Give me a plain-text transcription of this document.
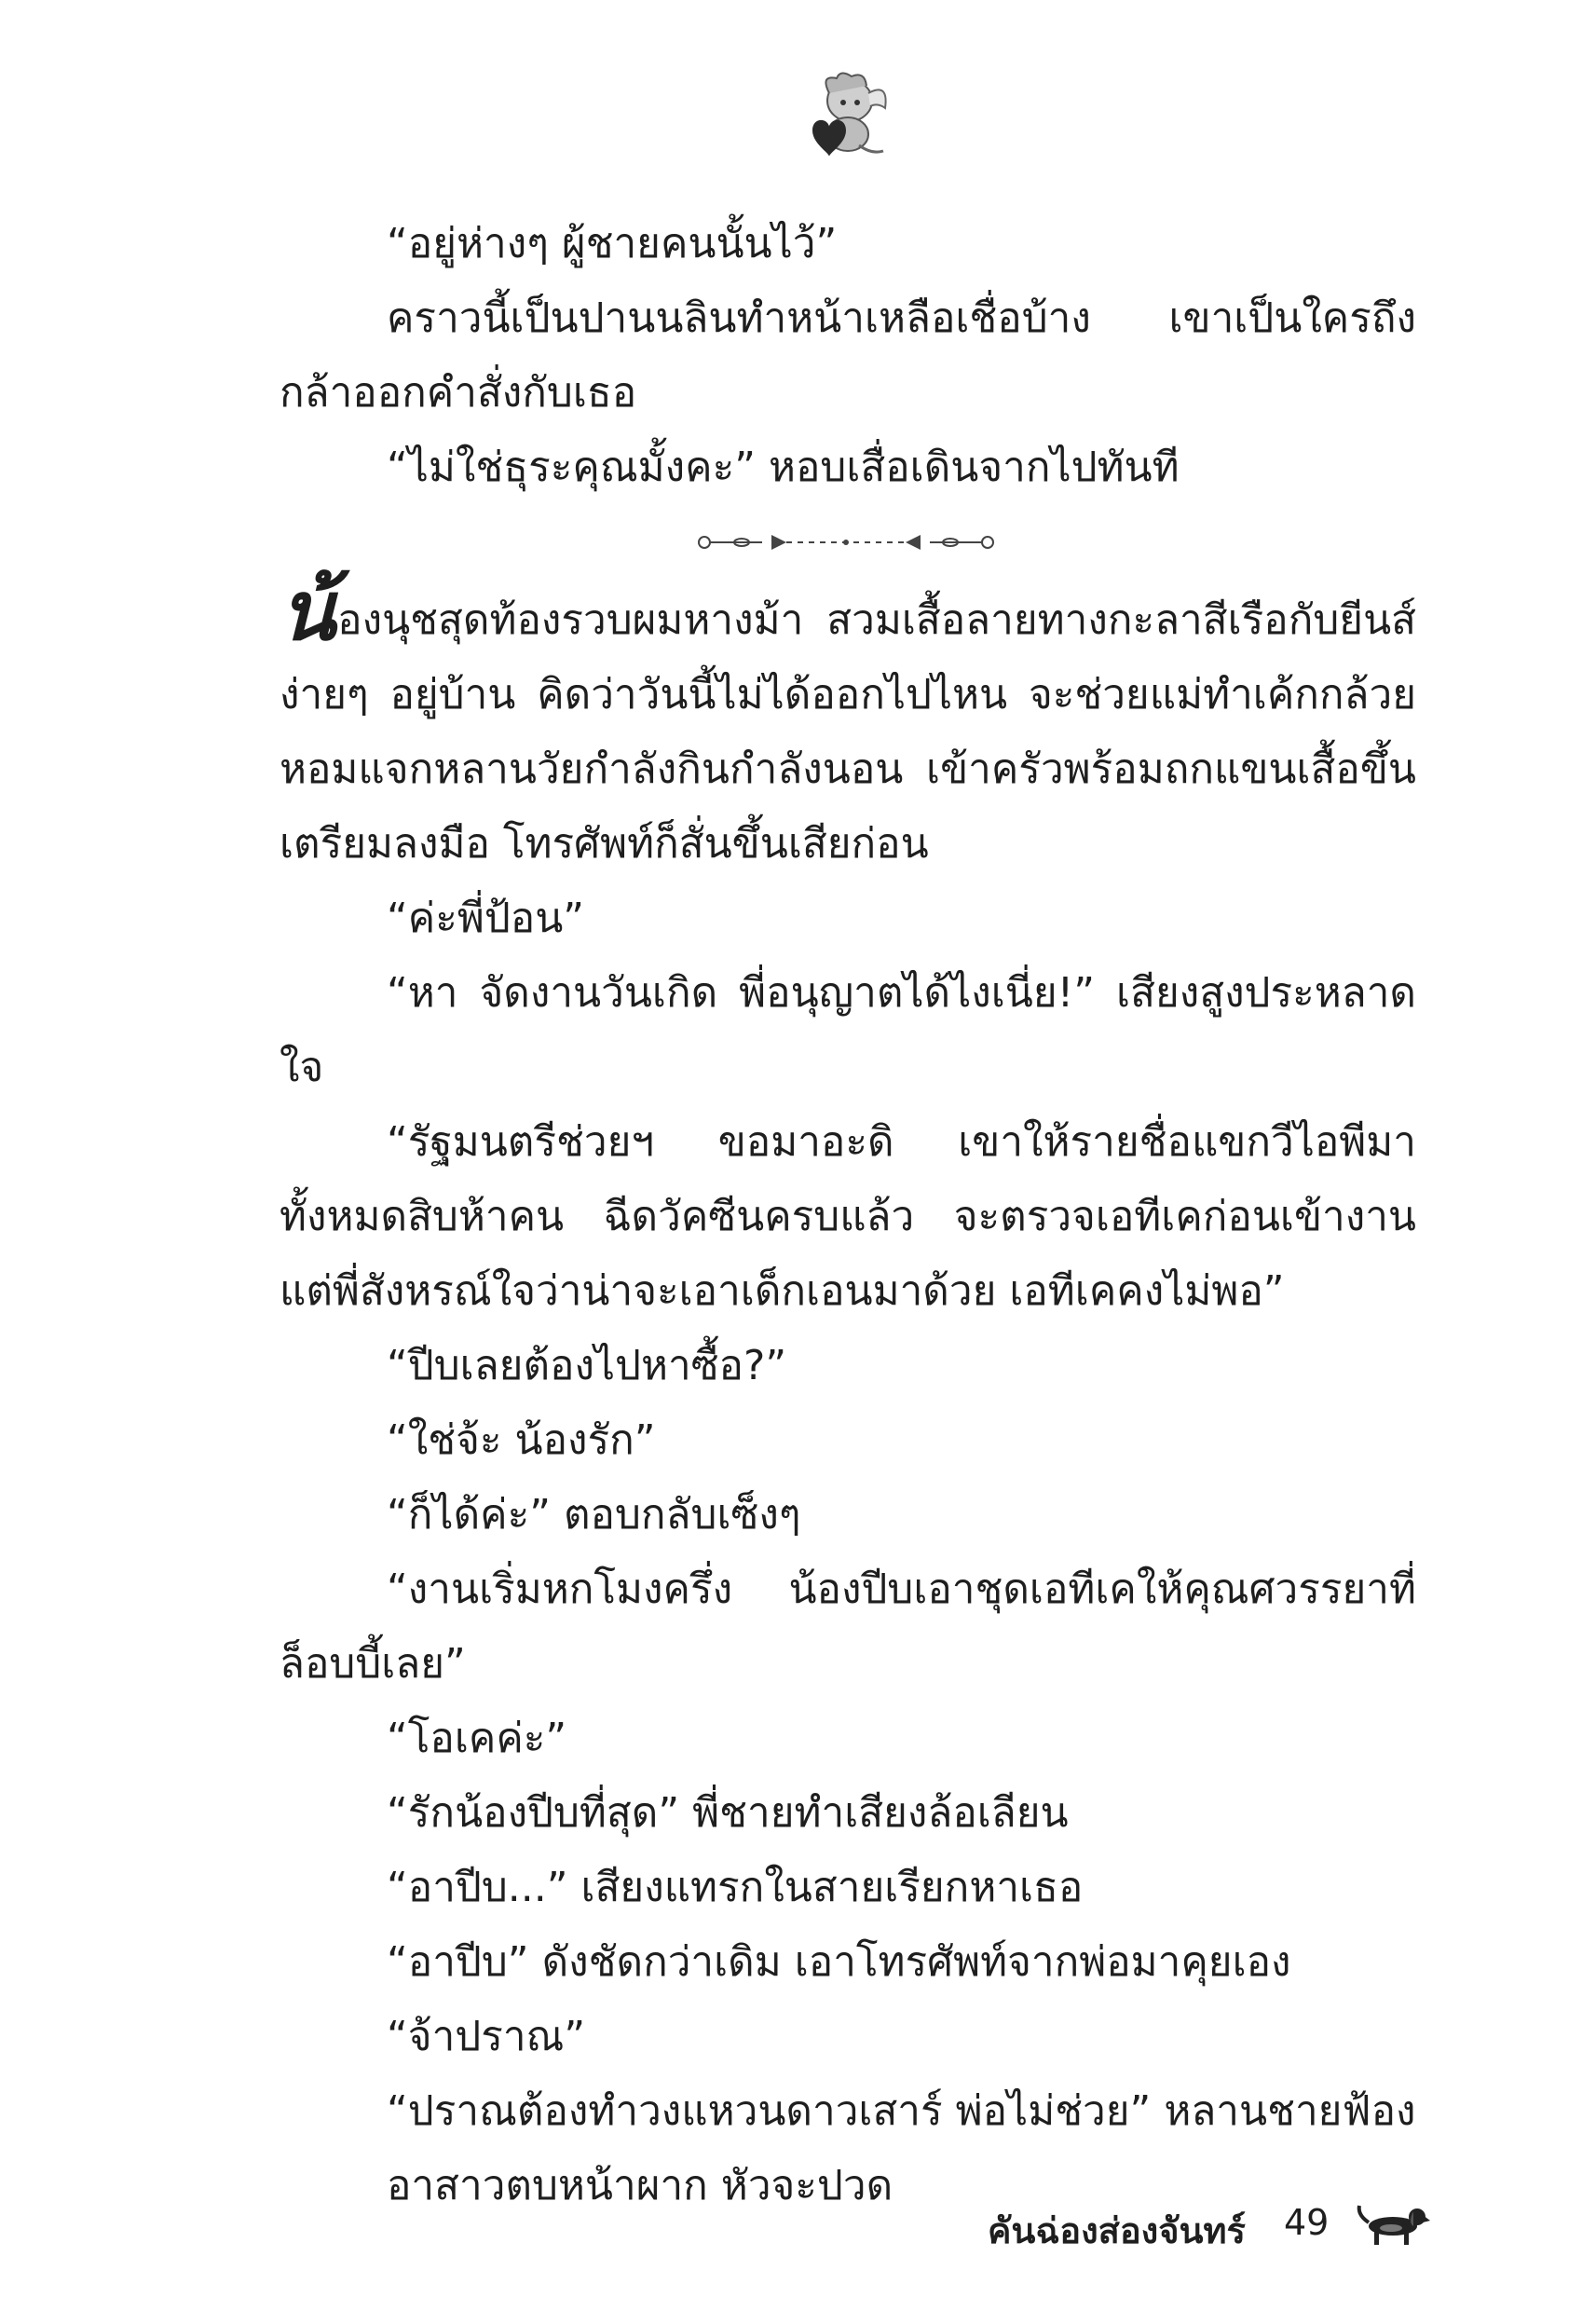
“อยู่ห่างๆ ผู้ชายคนนั้นไว้”

คราวนี้เป็นปานนลินทำหน้าเหลือเชื่อบ้าง เขาเป็นใครถึงกล้าออกคำสั่งกับเธอ

“ไม่ใช่ธุระคุณมั้งคะ” หอบเสื่อเดินจากไปทันที

น้องนุชสุดท้องรวบผมหางม้า สวมเสื้อลายทางกะลาสีเรือกับยีนส์ง่ายๆ อยู่บ้าน คิดว่าวันนี้ไม่ได้ออกไปไหน จะช่วยแม่ทำเค้กกล้วยหอมแจกหลานวัยกำลังกินกำลังนอน เข้าครัวพร้อมถกแขนเสื้อขึ้นเตรียมลงมือ โทรศัพท์ก็สั่นขึ้นเสียก่อน

“ค่ะพี่ป้อน”

“หา จัดงานวันเกิด พี่อนุญาตได้ไงเนี่ย!” เสียงสูงประหลาดใจ

“รัฐมนตรีช่วยฯ ขอมาอะดิ เขาให้รายชื่อแขกวีไอพีมาทั้งหมดสิบห้าคน ฉีดวัคซีนครบแล้ว จะตรวจเอทีเคก่อนเข้างาน แต่พี่สังหรณ์ใจว่าน่าจะเอาเด็กเอนมาด้วย เอทีเคคงไม่พอ”

“ปีบเลยต้องไปหาซื้อ?”

“ใช่จ้ะ น้องรัก”

“ก็ได้ค่ะ” ตอบกลับเซ็งๆ

“งานเริ่มหกโมงครึ่ง น้องปีบเอาชุดเอทีเคให้คุณศวรรยาที่ล็อบบี้เลย”

“โอเคค่ะ”

“รักน้องปีบที่สุด” พี่ชายทำเสียงล้อเลียน

“อาปีบ...” เสียงแทรกในสายเรียกหาเธอ

“อาปีบ” ดังชัดกว่าเดิม เอาโทรศัพท์จากพ่อมาคุยเอง

“จ้าปราณ”

“ปราณต้องทำวงแหวนดาวเสาร์ พ่อไม่ช่วย” หลานชายฟ้อง

อาสาวตบหน้าผาก หัวจะปวด

คันฉ่องส่องจันทร์ 49
